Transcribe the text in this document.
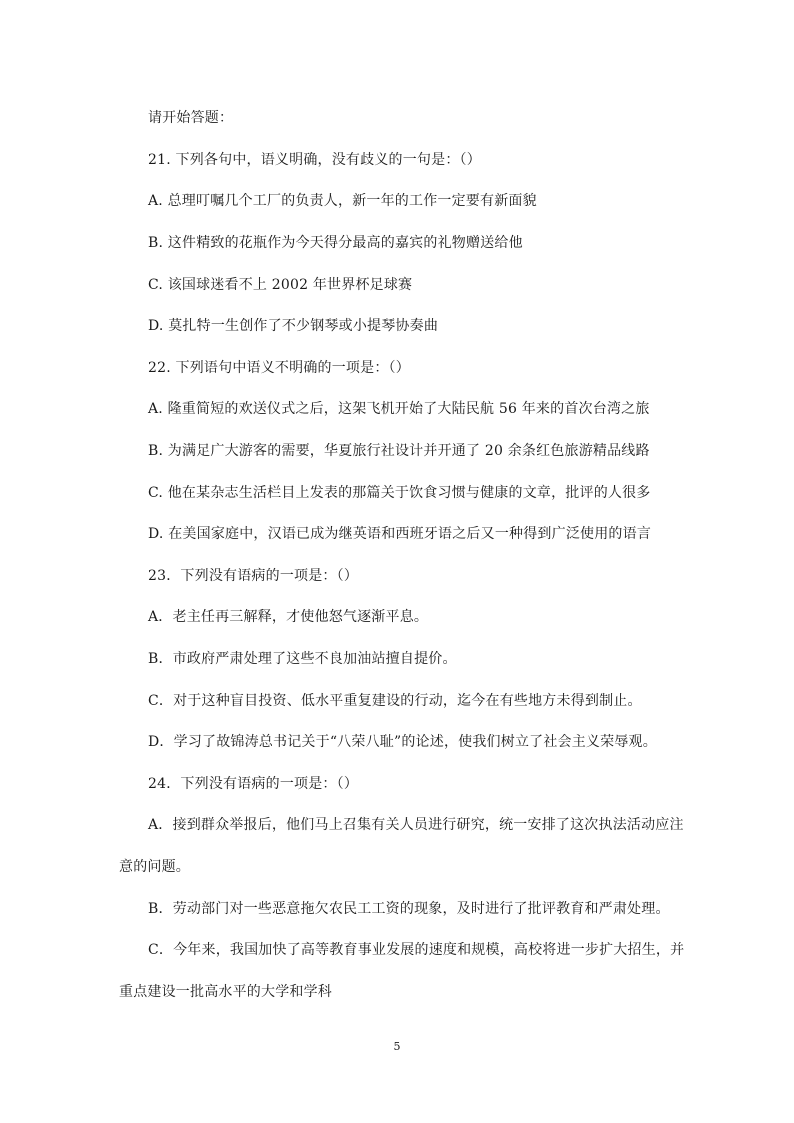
请开始答题：
21. 下列各句中，语义明确，没有歧义的一句是：（）
A. 总理叮嘱几个工厂的负责人，新一年的工作一定要有新面貌
B. 这件精致的花瓶作为今天得分最高的嘉宾的礼物赠送给他
C. 该国球迷看不上 2002 年世界杯足球赛
D. 莫扎特一生创作了不少钢琴或小提琴协奏曲
22. 下列语句中语义不明确的一项是：（）
A. 隆重简短的欢送仪式之后，这架飞机开始了大陆民航 56 年来的首次台湾之旅
B. 为满足广大游客的需要，华夏旅行社设计并开通了 20 余条红色旅游精品线路
C. 他在某杂志生活栏目上发表的那篇关于饮食习惯与健康的文章，批评的人很多
D. 在美国家庭中，汉语已成为继英语和西班牙语之后又一种得到广泛使用的语言
23．下列没有语病的一项是：（）
A．老主任再三解释，才使他怒气逐渐平息。
B．市政府严肃处理了这些不良加油站擅自提价。
C．对于这种盲目投资、低水平重复建设的行动，迄今在有些地方未得到制止。
D．学习了故锦涛总书记关于“八荣八耻”的论述，使我们树立了社会主义荣辱观。
24．下列没有语病的一项是：（）
A．接到群众举报后，他们马上召集有关人员进行研究，统一安排了这次执法活动应注
意的问题。
B．劳动部门对一些恶意拖欠农民工工资的现象，及时进行了批评教育和严肃处理。
C．今年来，我国加快了高等教育事业发展的速度和规模，高校将进一步扩大招生，并
重点建设一批高水平的大学和学科
5
